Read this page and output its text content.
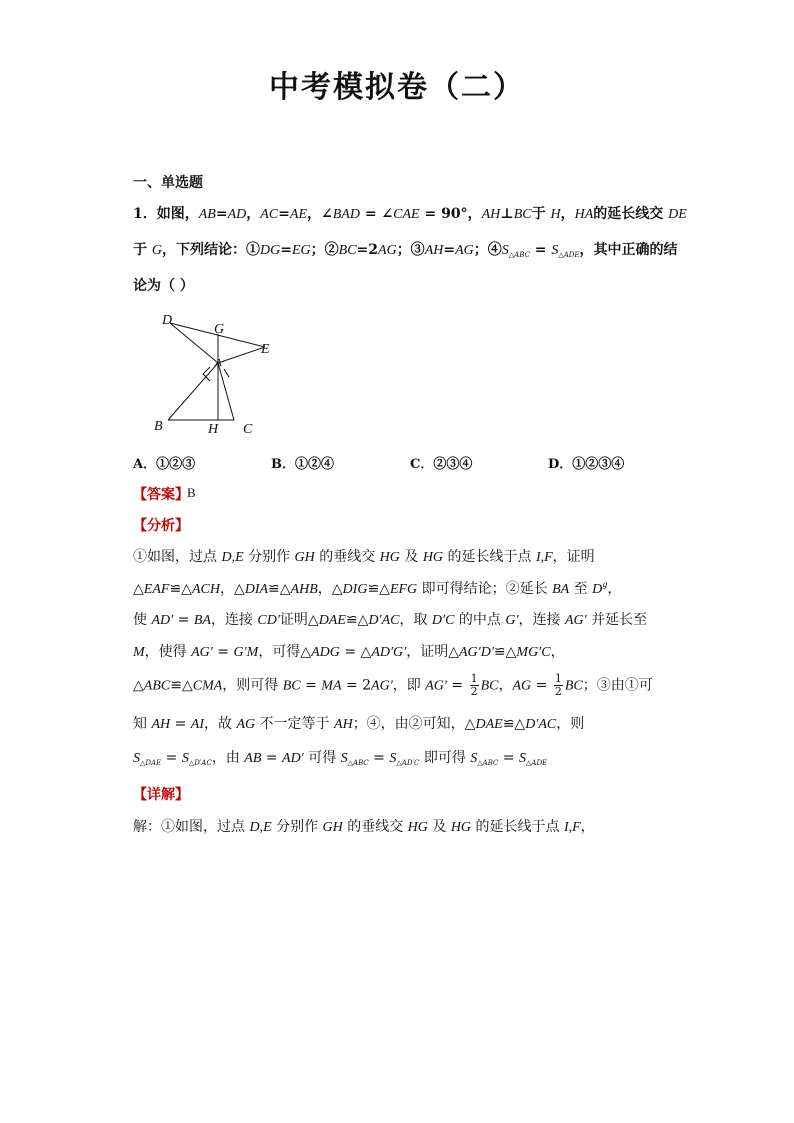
中考模拟卷（二）
一、单选题
1．如图，AB=AD，AC=AE，∠BAD = ∠CAE = 90°，AH⊥BC于 H，HA的延长线交 DE
于 G，下列结论：①DG=EG；②BC=2AG；③AH=AG；$④S_{\triangle ABC} = S_{\triangle ADE}$，其中正确的结
论为（ ）
D
G
E
A
B	H C
A．①②③	B．①②④	C．②③④	D．①②③④
【答案】
B
【分析】
①如图，过点 D,E 分别作 GH 的垂线交 HG 及 HG 的延长线于点 I,F，证明
△EAF≌△ACH，△DIA≌△AHB，△DIG≌△EFG 即可得结论；②延长 BA 至 $D^g$，
使 AD′ = BA，连接 CD′证明△DAE≌△D′AC，取 D′C 的中点 G′，连接 AG′ 并延长至
M，使得 AG′ = G′M，可得△ADG = △AD′G′，证明△AG′D′≌△MG′C，
△ABC≌△CMA，则可得 BC = MA = 2AG′，即 $AG' = \frac{1}{2}$ BC，AG = $\frac{1}{2}$ BC；③由①可
知 AH = AI，故 AG 不一定等于 AH；④，由②可知，△DAE≌△D′AC，则
$S_{\triangle DAE} = S_{\triangle D'AC}$，由 AB = AD′ 可得 $S_{\triangle ABC} = S_{\triangle AD'C}$ 即可得 $S_{\triangle ABC} = S_{\triangle ADE}$
【详解】
解：①如图，过点 D,E 分别作 GH 的垂线交 HG 及 HG 的延长线于点 I,F，
